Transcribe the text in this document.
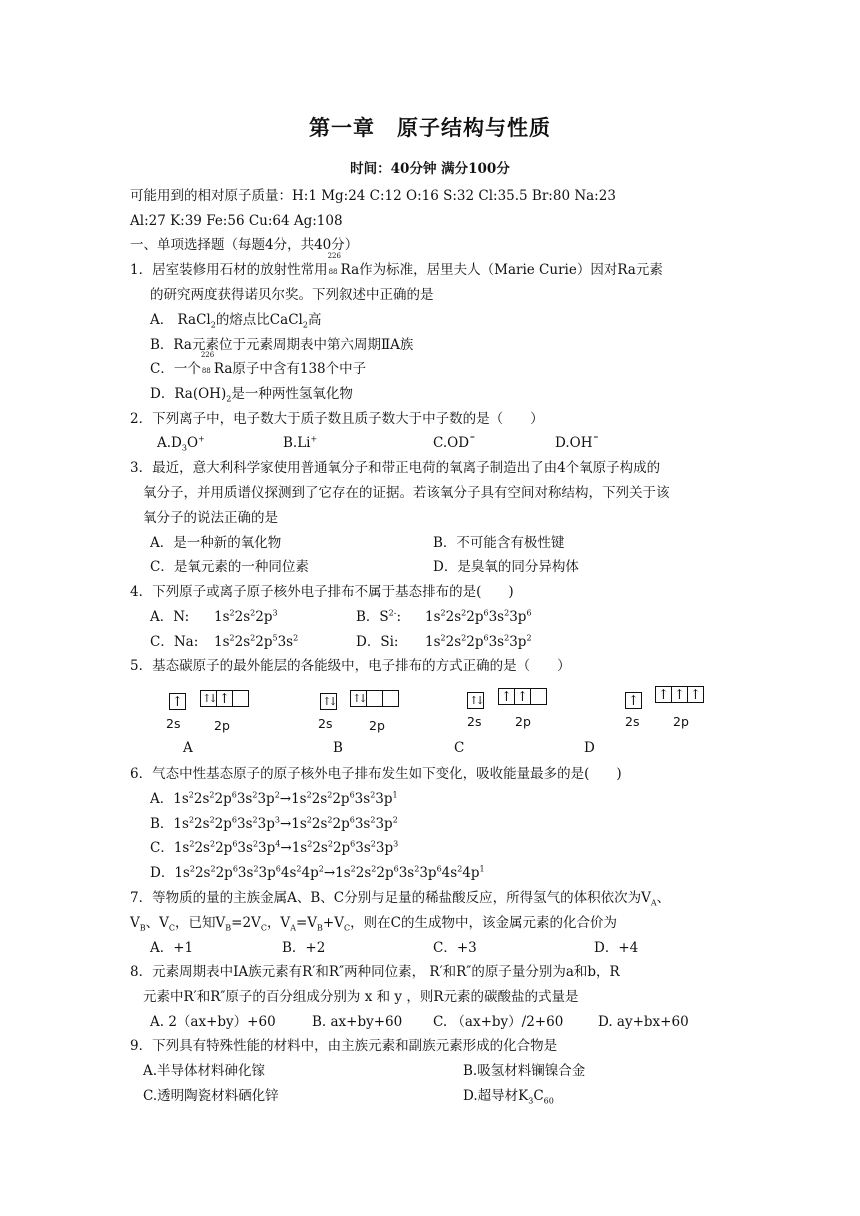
第一章　原子结构与性质
时间：40分钟 满分100分
可能用到的相对原子质量：H:1 Mg:24 C:12 O:16 S:32 Cl:35.5 Br:80 Na:23
Al:27 K:39 Fe:56 Cu:64 Ag:108
一、单项选择题（每题4分，共40分）
1．居室装修用石材的放射性常用
226
88 Ra作为标准，居里夫人（Marie Curie）因对Ra元素
的研究两度获得诺贝尔奖。下列叙述中正确的是
A． RaCl$_2$的熔点比CaCl$_2$高
B．Ra元素位于元素周期表中第六周期ⅡA族
C．一个
226
88 Ra原子中含有138个中子
D．$Ra(OH)_2$是一种两性氢氧化物
2．下列离子中，电子数大于质子数且质子数大于中子数的是（　　）
$A.D_3O^+$	B.Li+	C.OD¯	D.OH¯
3．最近，意大利科学家使用普通氧分子和带正电荷的氧离子制造出了由4个氧原子构成的
氧分子，并用质谱仪探测到了它存在的证据。若该氧分子具有空间对称结构，下列关于该
氧分子的说法正确的是
A．是一种新的氧化物	B．不可能含有极性键
C．是氧元素的一种同位素	D．是臭氧的同分异构体
4．下列原子或离子原子核外电子排布不属于基态排布的是(　　)
A．N: $1s^22s^22p^3$	B．$S^{2-}$: $1s^22s^22p^63s^23p^6$
C．Na: $1s^22s^22p^53s^2$	D．Si: $1s^22s^22p^63s^23p^2$
5．基态碳原子的最外能层的各能级中，电子排布的方式正确的是（　　）
↑ ↑↓ ↑
2s	2p
A
↑↓ ↑↓
2s	2p
B
↑↓ ↑ ↑
2s	2p
C
↑ ↑ ↑ ↑
2s	2p
D
6．气态中性基态原子的原子核外电子排布发生如下变化，吸收能量最多的是(　　)
A．$1s^22s^22p^63s^23p^2\to 1s^22s^22p^63s^23p^1$
B．$1s^22s^22p^63s^23p^3\to 1s^22s^22p^63s^23p^2$
C．$1s^22s^22p^63s^23p^4\to 1s^22s^22p^63s^23p^3$
D．$1s^22s^22p^63s^23p^64s^24p^2\to 1s^22s^22p^63s^23p^64s^24p^1$
7．等物质的量的主族金属A、B、C分别与足量的稀盐酸反应，所得氢气的体积依次为$V_A$、
$V_B$、$V_C$，已知$V_B=2V_C$，$V_A=V_B+V_C$，则在C的生成物中，该金属元素的化合价为
A．+1	B．+2	C．+3	D．+4
8．元素周期表中ⅠA族元素有R′和R″两种同位素， R′和R″的原子量分别为a和b，R
元素中R′和R″原子的百分组成分别为 x 和 y ，则R元素的碳酸盐的式量是
A. 2（ax+by）+60	B. ax+by+60 C. （ax+by）/2+60	D. ay+bx+60
9．下列具有特殊性能的材料中，由主族元素和副族元素形成的化合物是
A.半导体材料砷化镓	B.吸氢材料镧镍合金
C.透明陶瓷材料硒化锌	D.超导材$K_3C_{60}$
